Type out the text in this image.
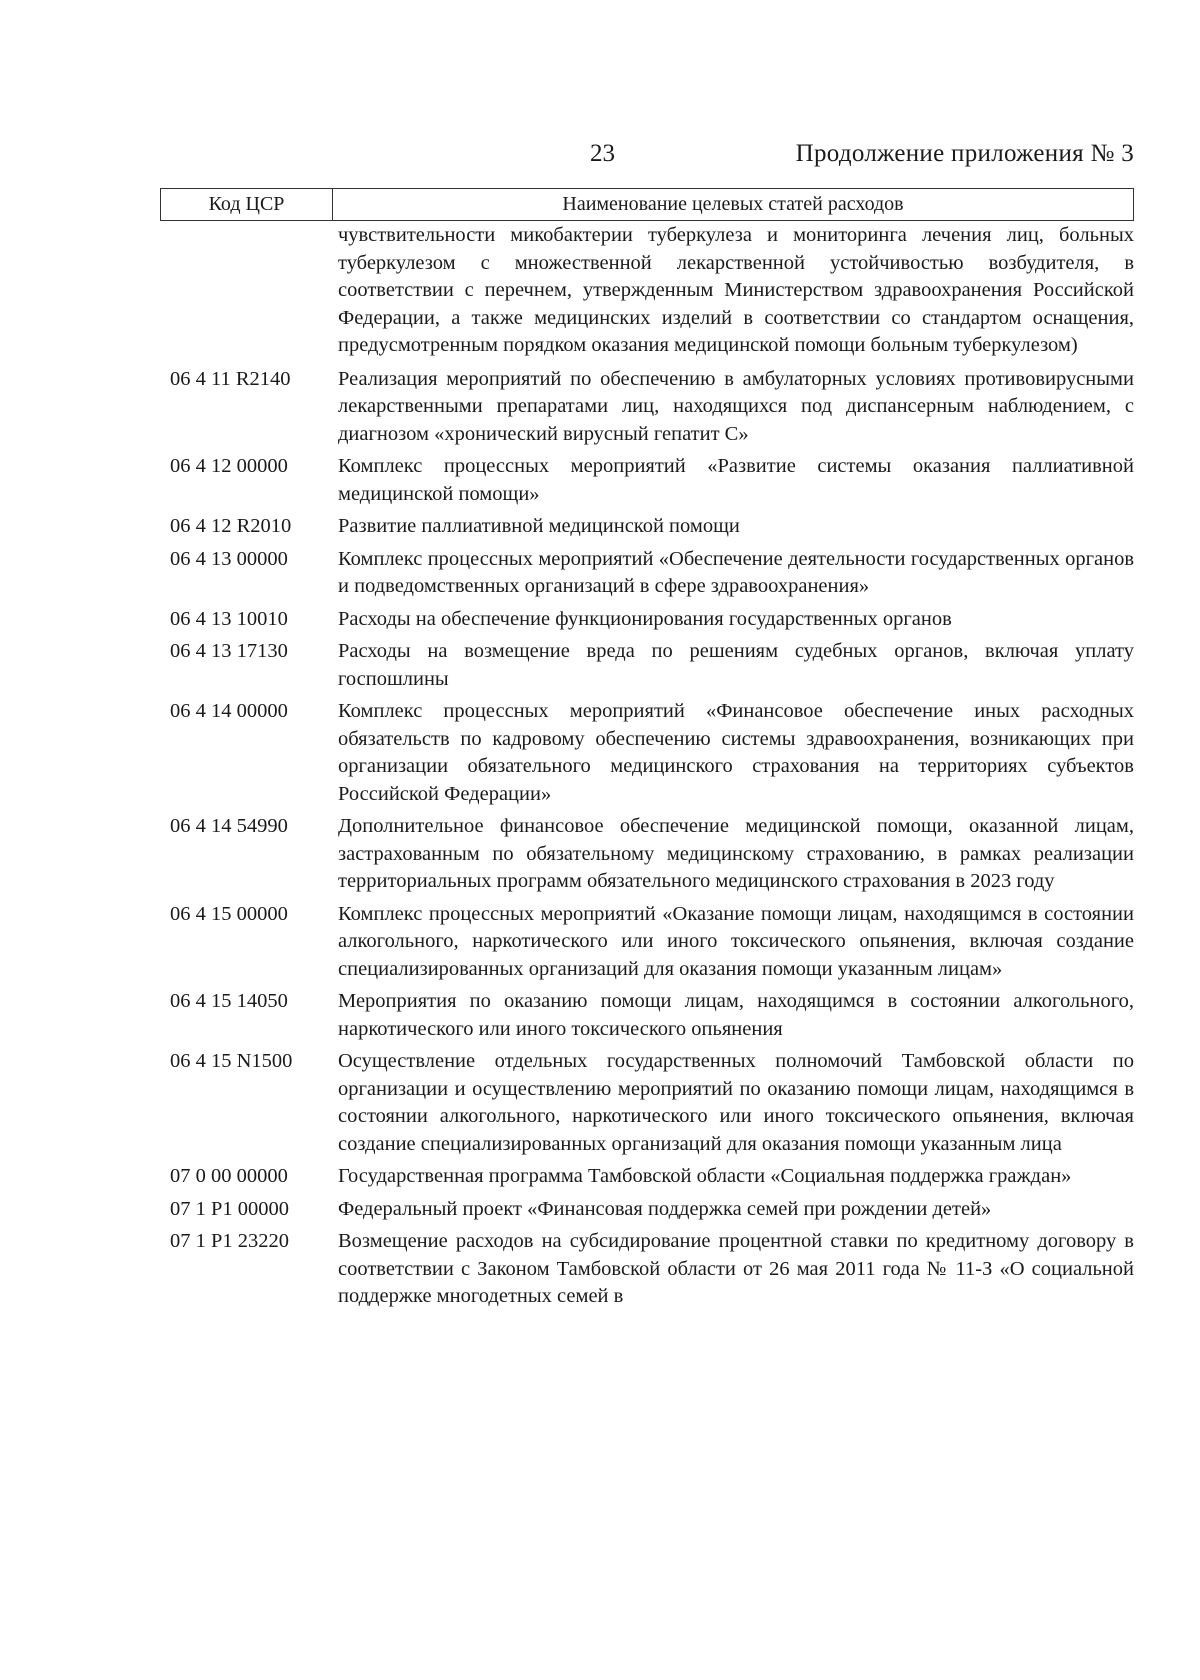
23	Продолжение приложения № 3
Код ЦСР	Наименование целевых статей расходов
чувствительности микобактерии туберкулеза и мониторинга лечения лиц, больных туберкулезом с множественной лекарственной устойчивостью возбудителя, в соответствии с перечнем, утвержденным Министерством здравоохранения Российской Федерации, а также медицинских изделий в соответствии со стандартом оснащения, предусмотренным порядком оказания медицинской помощи больным туберкулезом)
06 4 11 R2140	Реализация мероприятий по обеспечению в амбулаторных условиях противовирусными лекарственными препаратами лиц, находящихся под диспансерным наблюдением, с диагнозом «хронический вирусный гепатит С»
06 4 12 00000	Комплекс процессных мероприятий «Развитие системы оказания паллиативной медицинской помощи»
06 4 12 R2010	Развитие паллиативной медицинской помощи
06 4 13 00000	Комплекс процессных мероприятий «Обеспечение деятельности государственных органов и подведомственных организаций в сфере здравоохранения»
06 4 13 10010	Расходы на обеспечение функционирования государственных органов
06 4 13 17130	Расходы на возмещение вреда по решениям судебных органов, включая уплату госпошлины
06 4 14 00000	Комплекс процессных мероприятий «Финансовое обеспечение иных расходных обязательств по кадровому обеспечению системы здравоохранения, возникающих при организации обязательного медицинского страхования на территориях субъектов Российской Федерации»
06 4 14 54990	Дополнительное финансовое обеспечение медицинской помощи, оказанной лицам, застрахованным по обязательному медицинскому страхованию, в рамках реализации территориальных программ обязательного медицинского страхования в 2023 году
06 4 15 00000	Комплекс процессных мероприятий «Оказание помощи лицам, находящимся в состоянии алкогольного, наркотического или иного токсического опьянения, включая создание специализированных организаций для оказания помощи указанным лицам»
06 4 15 14050	Мероприятия по оказанию помощи лицам, находящимся в состоянии алкогольного, наркотического или иного токсического опьянения
06 4 15 N1500	Осуществление отдельных государственных полномочий Тамбовской области по организации и осуществлению мероприятий по оказанию помощи лицам, находящимся в состоянии алкогольного, наркотического или иного токсического опьянения, включая создание специализированных организаций для оказания помощи указанным лица
07 0 00 00000	Государственная программа Тамбовской области «Социальная поддержка граждан»
07 1 P1 00000	Федеральный проект «Финансовая поддержка семей при рождении детей»
07 1 P1 23220	Возмещение расходов на субсидирование процентной ставки по кредитному договору в соответствии с Законом Тамбовской области от 26 мая 2011 года № 11-З «О социальной поддержке многодетных семей в
